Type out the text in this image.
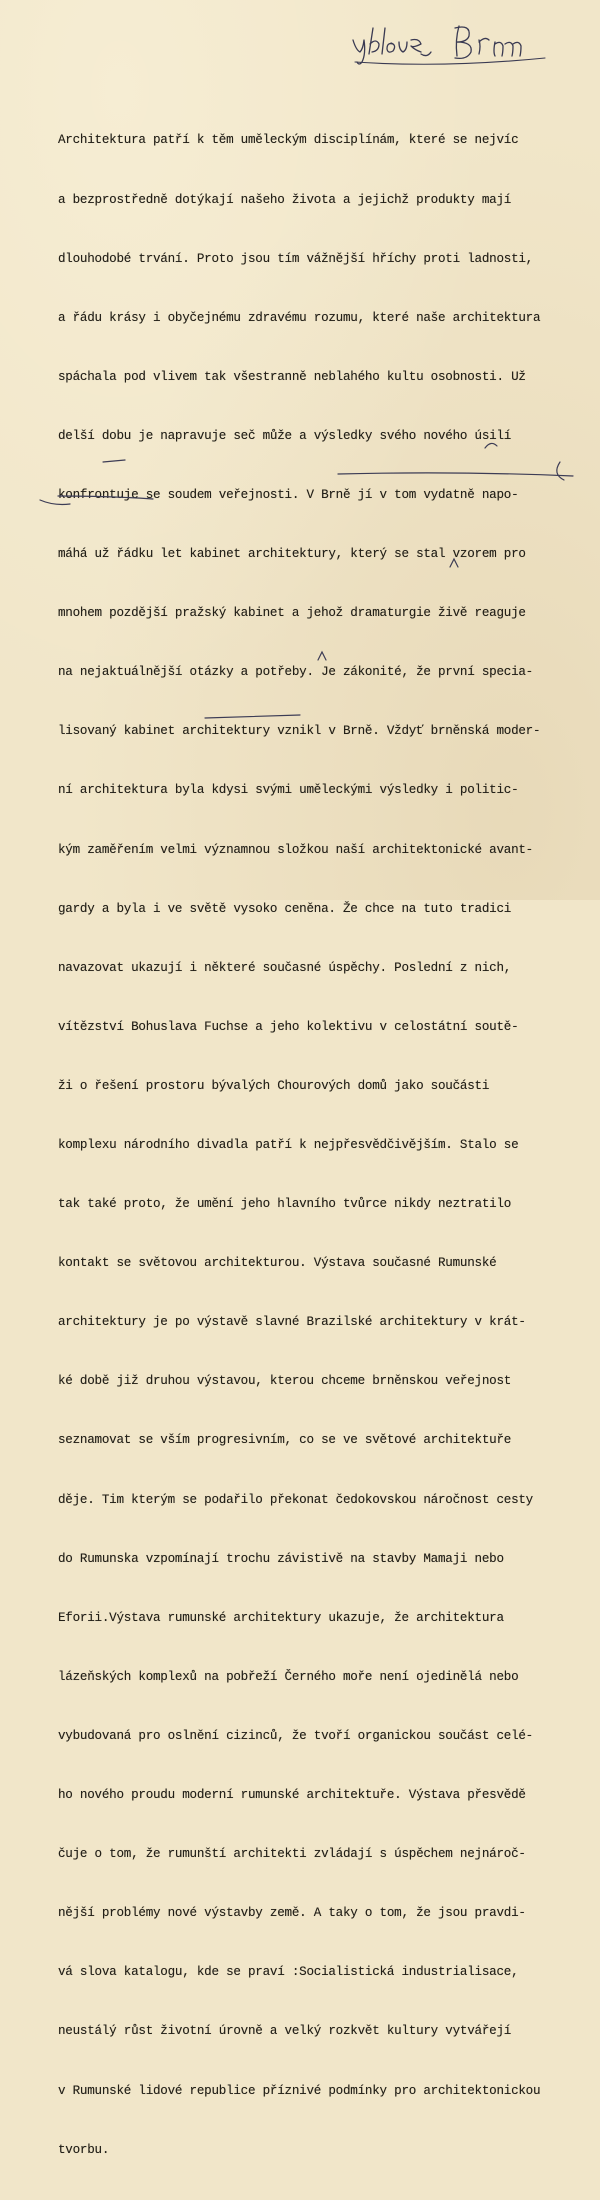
Architektura patří k těm uměleckým disciplínám, které se nejvíc

a bezprostředně dotýkají našeho života a jejichž produkty mají

dlouhodobé trvání. Proto jsou tím vážnější hříchy proti ladnosti,

a řádu krásy i obyčejnému zdravému rozumu, které naše architektura

spáchala pod vlivem tak všestranně neblahého kultu osobnosti. Už

delší dobu je napravuje seč může a výsledky svého nového úsilí

konfrontuje se soudem veřejnosti. V Brně jí v tom vydatně napo-

máhá už řádku let kabinet architektury, který se stal vzorem pro

mnohem pozdější pražský kabinet a jehož dramaturgie živě reaguje

na nejaktuálnější otázky a potřeby. Je zákonité, že první specia-

lisovaný kabinet architektury vznikl v Brně. Vždyť brněnská moder-

ní architektura byla kdysi svými uměleckými výsledky i politic-

kým zaměřením velmi významnou složkou naší architektonické avant-

gardy a byla i ve světě vysoko ceněna. Že chce na tuto tradici

navazovat ukazují i některé současné úspěchy. Poslední z nich,

vítězství Bohuslava Fuchse a jeho kolektivu v celostátní soutě-

ži o řešení prostoru bývalých Chourových domů jako součásti

komplexu národního divadla patří k nejpřesvědčivějším. Stalo se

tak také proto, že umění jeho hlavního tvůrce nikdy neztratilo

kontakt se světovou architekturou. Výstava současné Rumunské

architektury je po výstavě slavné Brazilské architektury v krát-

ké době již druhou výstavou, kterou chceme brněnskou veřejnost

seznamovat se vším progresivním, co se ve světové architektuře

děje. Tim kterým se podařilo překonat čedokovskou náročnost cesty

do Rumunska vzpomínají trochu závistivě na stavby Mamaji nebo

Eforii.Výstava rumunské architektury ukazuje, že architektura

lázeňských komplexů na pobřeží Černého moře není ojedinělá nebo

vybudovaná pro oslnění cizinců, že tvoří organickou součást celé-

ho nového proudu moderní rumunské architektuře. Výstava přesvědě

čuje o tom, že rumunští architekti zvládají s úspěchem nejnároč-

nější problémy nové výstavby země. A taky o tom, že jsou pravdi-

vá slova katalogu, kde se praví :Socialistická industrialisace,

neustálý růst životní úrovně a velký rozkvět kultury vytvářejí

v Rumunské lidové republice příznivé podmínky pro architektonickou

tvorbu.
